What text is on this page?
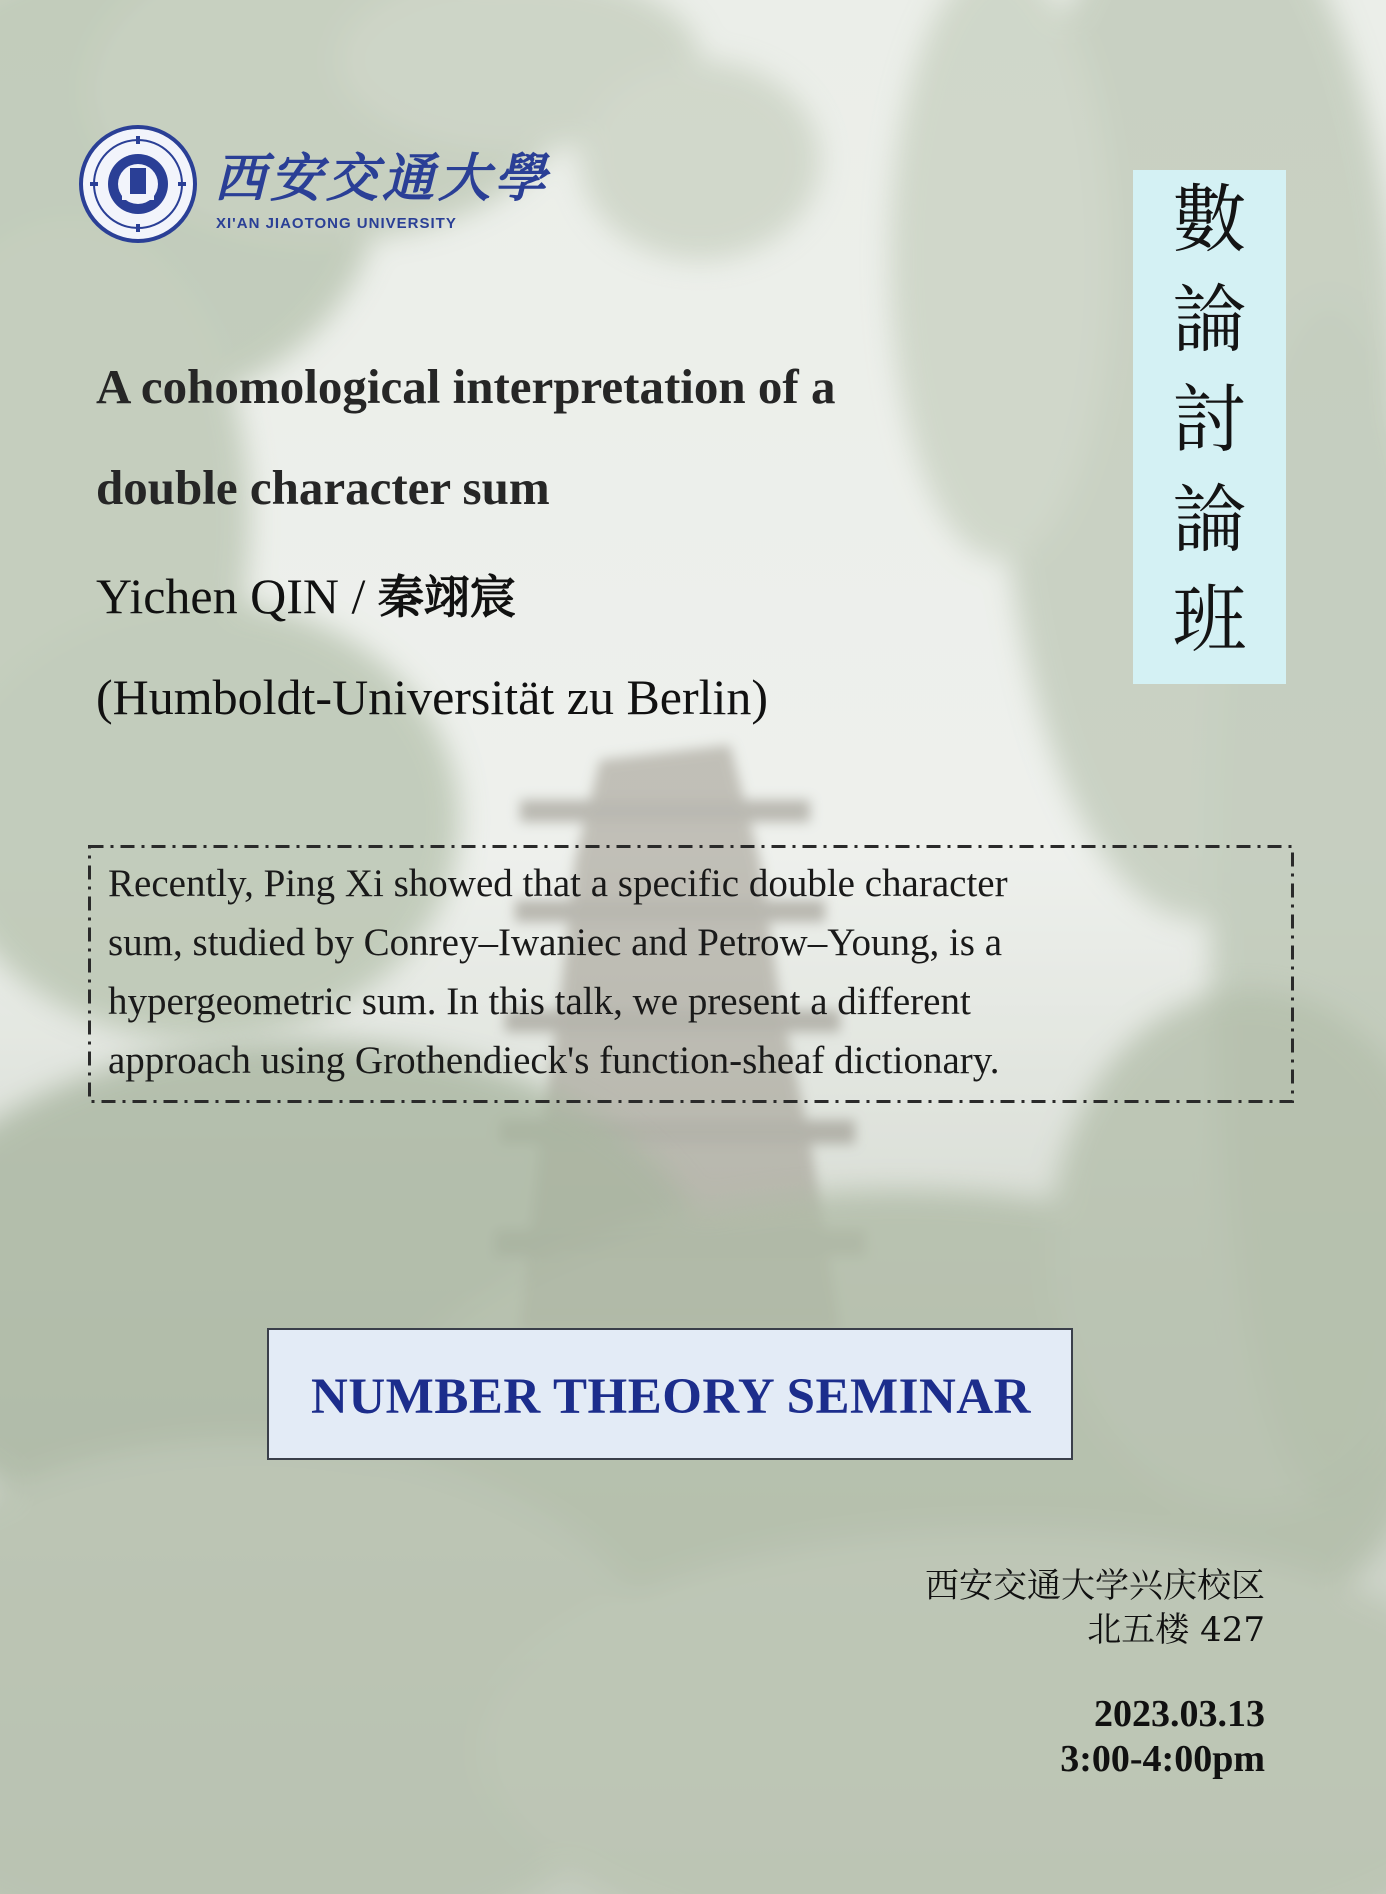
西安交通大學
XI'AN JIAOTONG UNIVERSITY	數
論
討
論
班
A cohomological interpretation of a
double character sum
Yichen QIN / 秦翊宸
(Humboldt-Universität zu Berlin)
Recently, Ping Xi showed that a specific double character
sum, studied by Conrey–Iwaniec and Petrow–Young, is a
hypergeometric sum. In this talk, we present a different
approach using Grothendieck's function-sheaf dictionary.
NUMBER THEORY SEMINAR
西安交通大学兴庆校区
北五楼 427
2023.03.13
3:00-4:00pm
